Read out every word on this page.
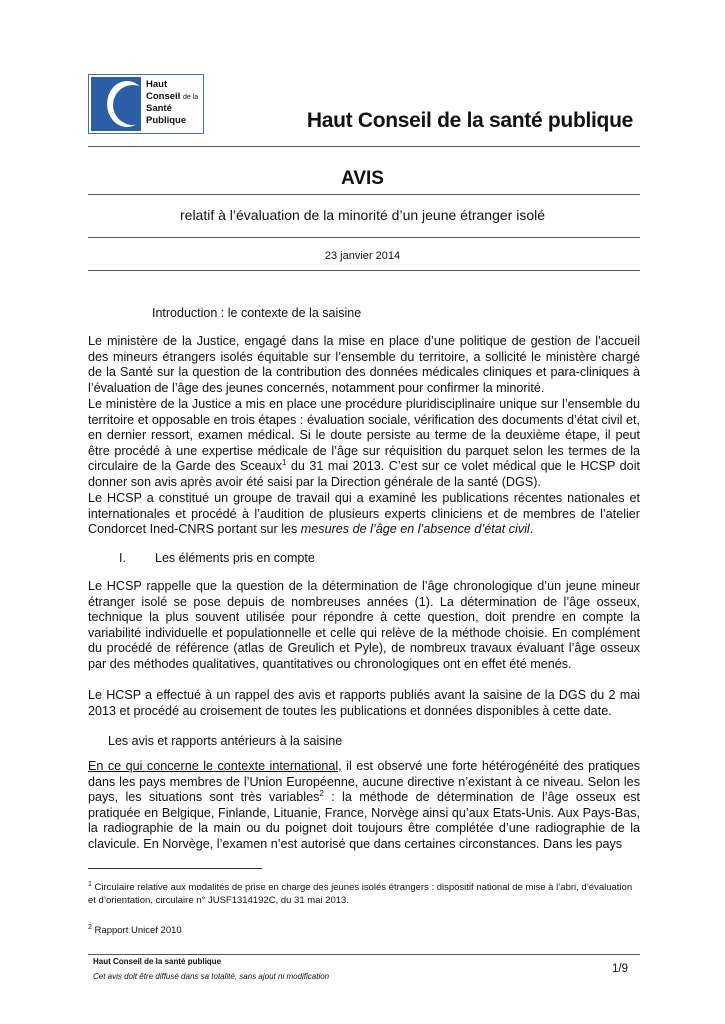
Haut
Conseil de la
Santé
Publique	Haut Conseil de la santé publique
AVIS
relatif à l’évaluation de la minorité d’un jeune étranger isolé
23 janvier 2014
Introduction : le contexte de la saisine
Le ministère de la Justice, engagé dans la mise en place d’une politique de gestion de l’accueil des mineurs étrangers isolés équitable sur l’ensemble du territoire, a sollicité le ministère chargé de la Santé sur la question de la contribution des données médicales cliniques et para-cliniques à l’évaluation de l’âge des jeunes concernés, notamment pour confirmer la minorité.
Le ministère de la Justice a mis en place une procédure pluridisciplinaire unique sur l’ensemble du territoire et opposable en trois étapes : évaluation sociale, vérification des documents d’état civil et, en dernier ressort, examen médical. Si le doute persiste au terme de la deuxième étape, il peut être procédé à une expertise médicale de l’âge sur réquisition du parquet selon les termes de la circulaire de la Garde des Sceaux$^1$ du 31 mai 2013. C’est sur ce volet médical que le HCSP doit donner son avis après avoir été saisi par la Direction générale de la santé (DGS).
Le HCSP a constitué un groupe de travail qui a examiné les publications récentes nationales et internationales et procédé à l’audition de plusieurs experts cliniciens et de membres de l’atelier Condorcet Ined-CNRS portant sur les mesures de l’âge en l’absence d’état civil.
I. Les éléments pris en compte
Le HCSP rappelle que la question de la détermination de l’âge chronologique d’un jeune mineur étranger isolé se pose depuis de nombreuses années (1). La détermination de l’âge osseux, technique la plus souvent utilisée pour répondre à cette question, doit prendre en compte la variabilité individuelle et populationnelle et celle qui relève de la méthode choisie. En complément du procédé de référence (atlas de Greulich et Pyle), de nombreux travaux évaluant l’âge osseux par des méthodes qualitatives, quantitatives ou chronologiques ont en effet été menés.
Le HCSP a effectué à un rappel des avis et rapports publiés avant la saisine de la DGS du 2 mai 2013 et procédé au croisement de toutes les publications et données disponibles à cette date.
Les avis et rapports antérieurs à la saisine
En ce qui concerne le contexte international, il est observé une forte hétérogénéité des pratiques dans les pays membres de l’Union Européenne, aucune directive n’existant à ce niveau. Selon les pays, les situations sont très variables$^2$ : la méthode de détermination de l’âge osseux est pratiquée en Belgique, Finlande, Lituanie, France, Norvège ainsi qu’aux Etats-Unis. Aux Pays-Bas, la radiographie de la main ou du poignet doit toujours être complétée d’une radiographie de la clavicule. En Norvège, l’examen n’est autorisé que dans certaines circonstances. Dans les pays
$^1$ Circulaire relative aux modalités de prise en charge des jeunes isolés étrangers : dispositif national de mise à l’abri, d’évaluation et d’orientation, circulaire n° JUSF1314192C, du 31 mai 2013.
$^2$ Rapport Unicef 2010
Haut Conseil de la santé publique
Cet avis doit être diffusé dans sa totalité, sans ajout ni modification
1/9
